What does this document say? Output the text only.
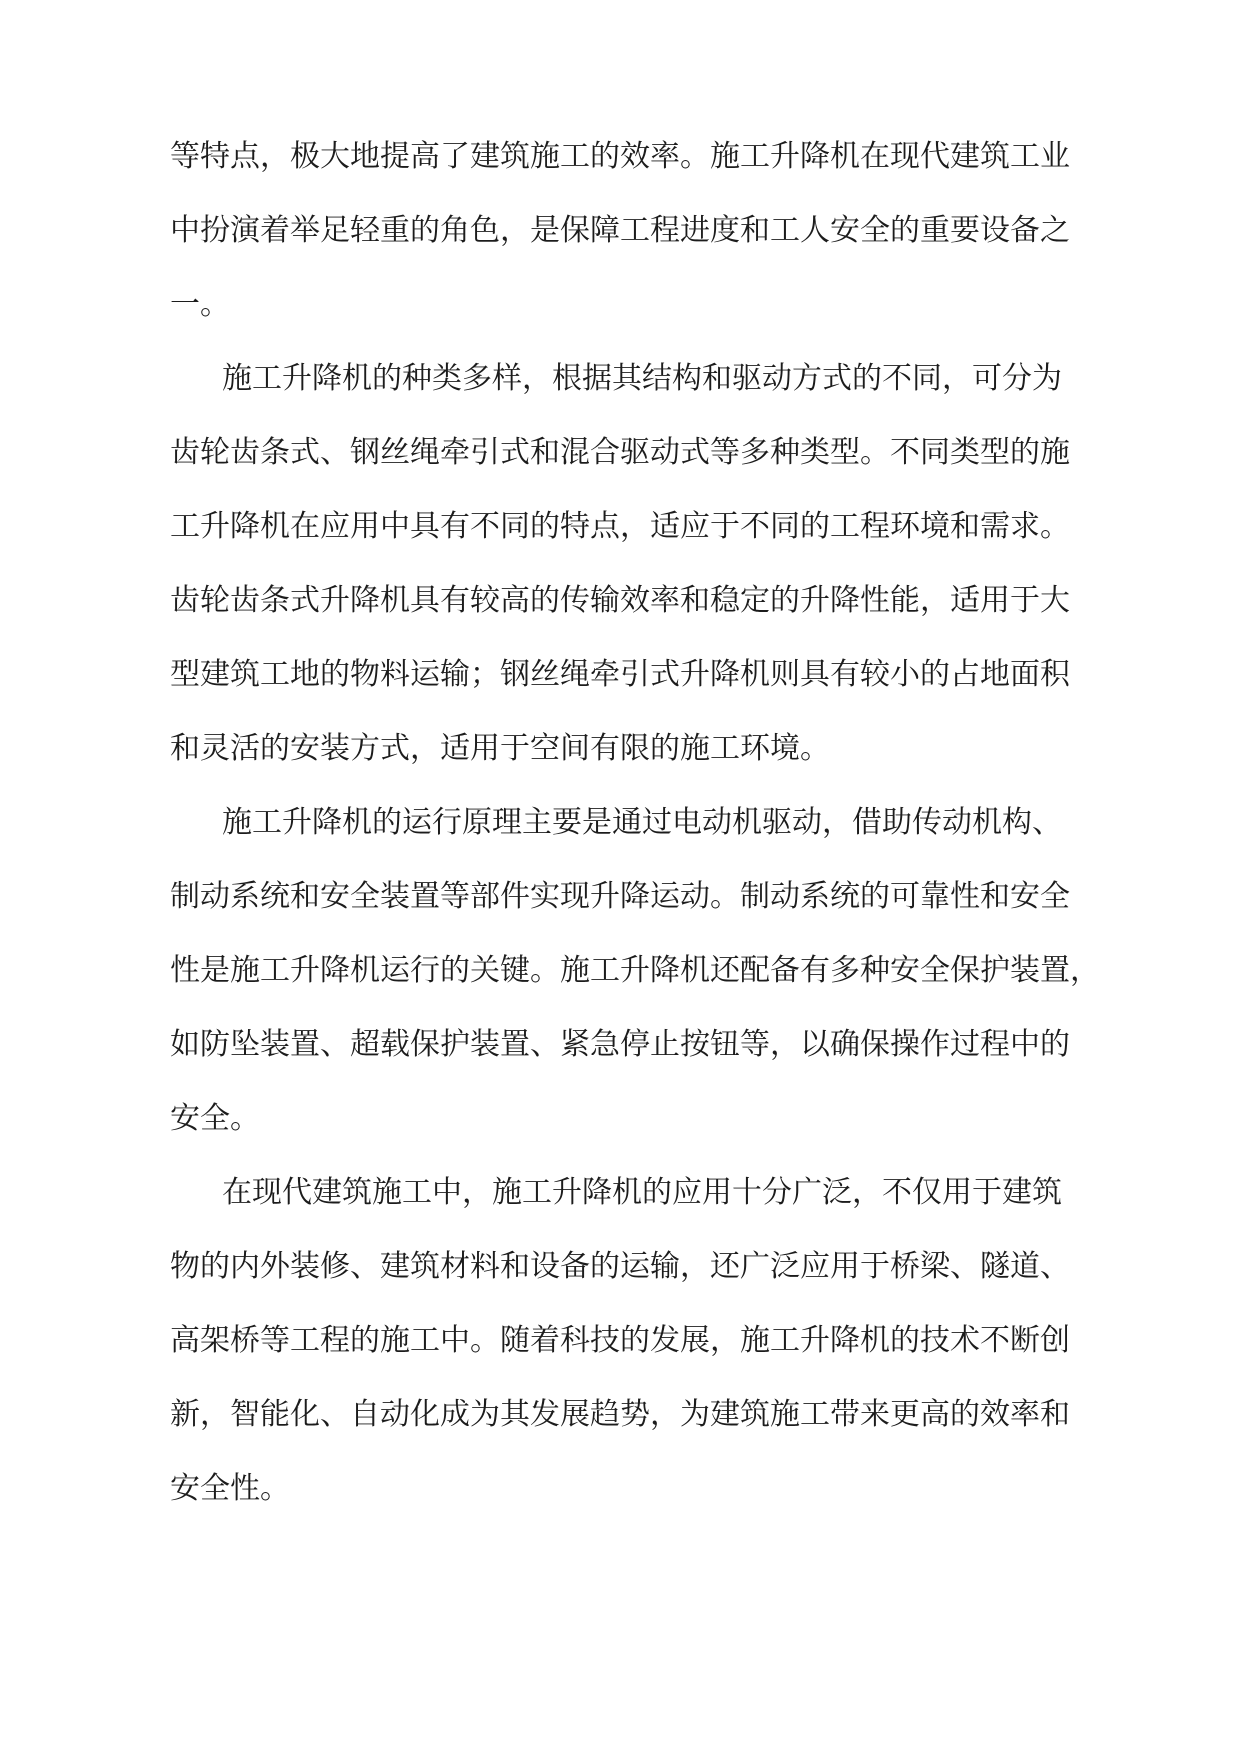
等特点，极大地提高了建筑施工的效率。施工升降机在现代建筑工业
中扮演着举足轻重的角色，是保障工程进度和工人安全的重要设备之
一。
施工升降机的种类多样，根据其结构和驱动方式的不同，可分为
齿轮齿条式、钢丝绳牵引式和混合驱动式等多种类型。不同类型的施
工升降机在应用中具有不同的特点，适应于不同的工程环境和需求。
齿轮齿条式升降机具有较高的传输效率和稳定的升降性能，适用于大
型建筑工地的物料运输；钢丝绳牵引式升降机则具有较小的占地面积
和灵活的安装方式，适用于空间有限的施工环境。
施工升降机的运行原理主要是通过电动机驱动，借助传动机构、
制动系统和安全装置等部件实现升降运动。制动系统的可靠性和安全
性是施工升降机运行的关键。施工升降机还配备有多种安全保护装置，
如防坠装置、超载保护装置、紧急停止按钮等，以确保操作过程中的
安全。
在现代建筑施工中，施工升降机的应用十分广泛，不仅用于建筑
物的内外装修、建筑材料和设备的运输，还广泛应用于桥梁、隧道、
高架桥等工程的施工中。随着科技的发展，施工升降机的技术不断创
新，智能化、自动化成为其发展趋势，为建筑施工带来更高的效率和
安全性。
